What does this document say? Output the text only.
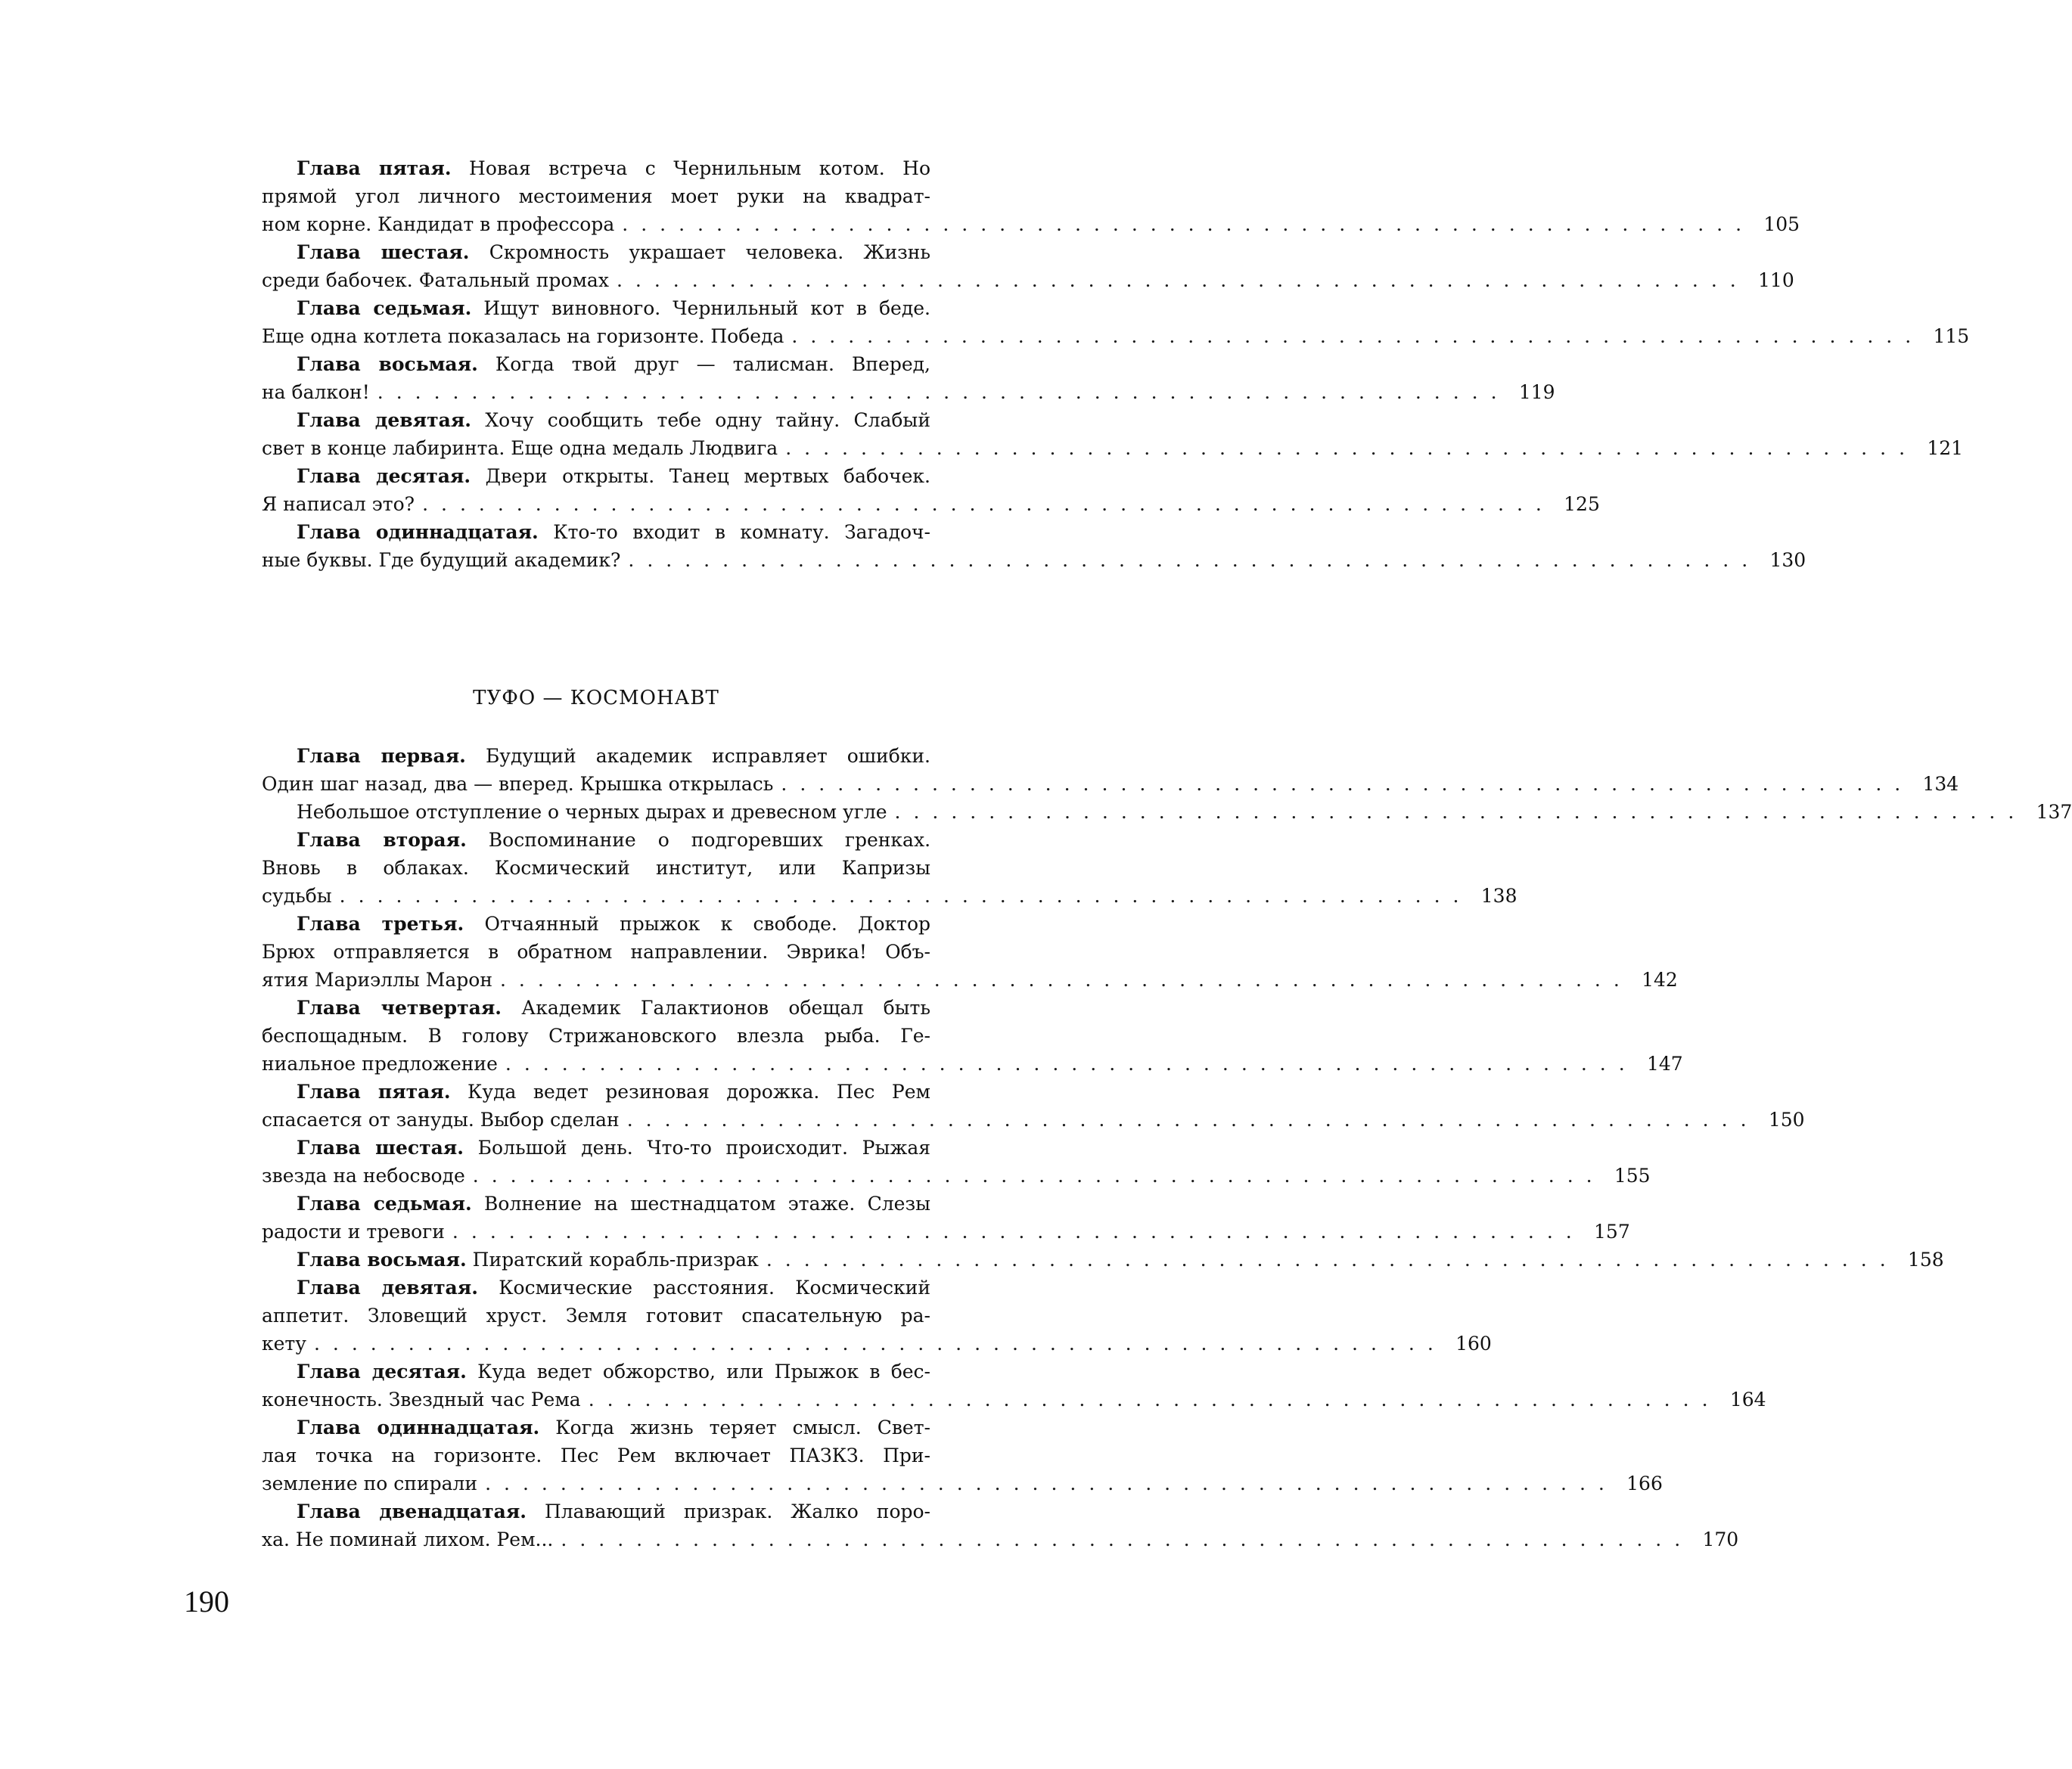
Глава пятая. Новая встреча с Чернильным котом. Но
прямой угол личного местоимения моет руки на квадрат-
ном корне. Кандидат в профессора ............................................................ 105
Глава шестая. Скромность украшает человека. Жизнь
среди бабочек. Фатальный промах ............................................................ 110
Глава седьмая. Ищут виновного. Чернильный кот в беде.
Еще одна котлета показалась на горизонте. Победа ............................................................ 115
Глава восьмая. Когда твой друг — талисман. Вперед,
на балкон! ............................................................ 119
Глава девятая. Хочу сообщить тебе одну тайну. Слабый
свет в конце лабиринта. Еще одна медаль Людвига ............................................................ 121
Глава десятая. Двери открыты. Танец мертвых бабочек.
Я написал это? ............................................................ 125
Глава одиннадцатая. Кто-то входит в комнату. Загадоч-
ные буквы. Где будущий академик? ............................................................ 130
ТУФО — КОСМОНАВТ
Глава первая. Будущий академик исправляет ошибки.
Один шаг назад, два — вперед. Крышка открылась ............................................................ 134
Небольшое отступление о черных дырах и древесном угле ............................................................ 137
Глава вторая. Воспоминание о подгоревших гренках.
Вновь в облаках. Космический институт, или Капризы
судьбы ............................................................ 138
Глава третья. Отчаянный прыжок к свободе. Доктор
Брюх отправляется в обратном направлении. Эврика! Объ-
ятия Мариэллы Марон ............................................................ 142
Глава четвертая. Академик Галактионов обещал быть
беспощадным. В голову Стрижановского влезла рыба. Ге-
ниальное предложение ............................................................ 147
Глава пятая. Куда ведет резиновая дорожка. Пес Рем
спасается от зануды. Выбор сделан ............................................................ 150
Глава шестая. Большой день. Что-то происходит. Рыжая
звезда на небосводе ............................................................ 155
Глава седьмая. Волнение на шестнадцатом этаже. Слезы
радости и тревоги ............................................................ 157
Глава восьмая. Пиратский корабль-призрак ............................................................ 158
Глава девятая. Космические расстояния. Космический
аппетит. Зловещий хруст. Земля готовит спасательную ра-
кету ............................................................ 160
Глава десятая. Куда ведет обжорство, или Прыжок в бес-
конечность. Звездный час Рема ............................................................ 164
Глава одиннадцатая. Когда жизнь теряет смысл. Свет-
лая точка на горизонте. Пес Рем включает ПАЗКЗ. При-
земление по спирали ............................................................ 166
Глава двенадцатая. Плавающий призрак. Жалко поро-
ха. Не поминай лихом. Рем... ............................................................ 170
190
